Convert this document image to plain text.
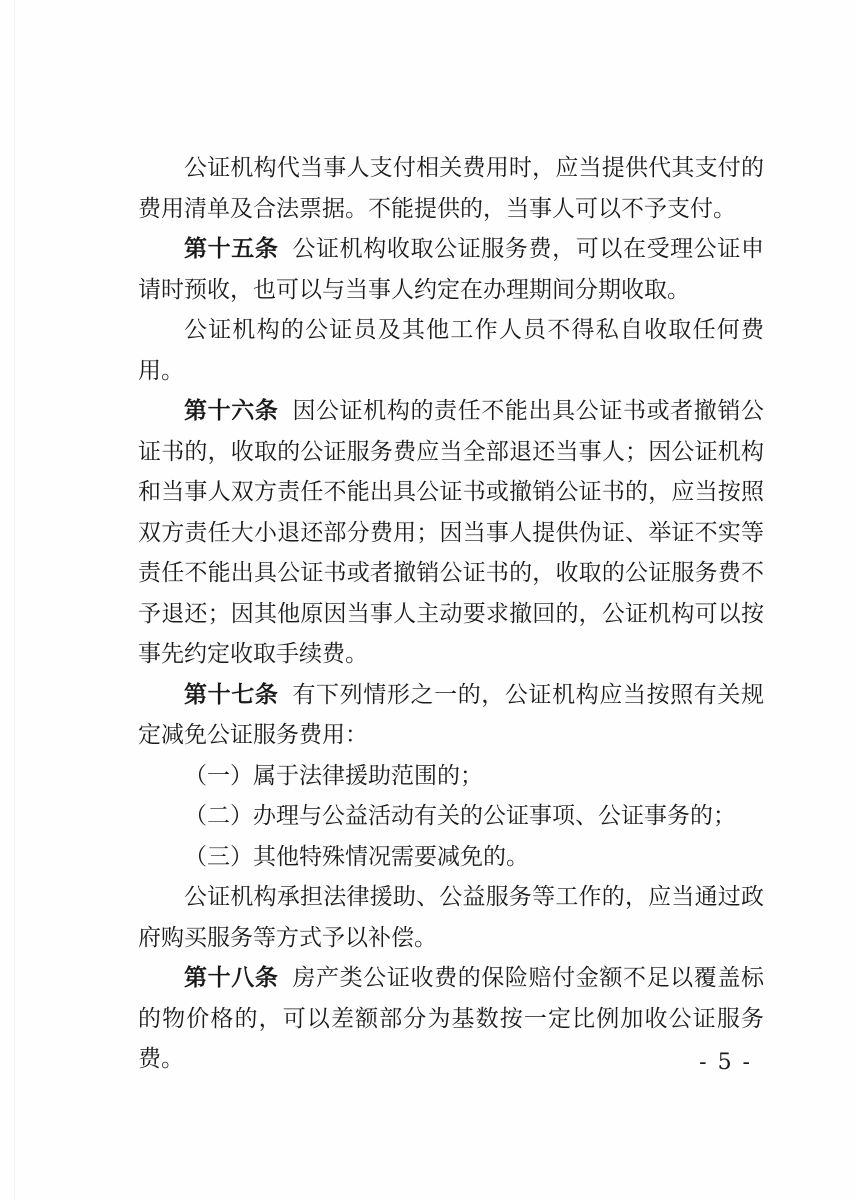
公证机构代当事人支付相关费用时，应当提供代其支付的费用清单及合法票据。不能提供的，当事人可以不予支付。

第十五条 公证机构收取公证服务费，可以在受理公证申请时预收，也可以与当事人约定在办理期间分期收取。

公证机构的公证员及其他工作人员不得私自收取任何费用。

第十六条 因公证机构的责任不能出具公证书或者撤销公证书的，收取的公证服务费应当全部退还当事人；因公证机构和当事人双方责任不能出具公证书或撤销公证书的，应当按照双方责任大小退还部分费用；因当事人提供伪证、举证不实等责任不能出具公证书或者撤销公证书的，收取的公证服务费不予退还；因其他原因当事人主动要求撤回的，公证机构可以按事先约定收取手续费。

第十七条 有下列情形之一的，公证机构应当按照有关规定减免公证服务费用：

（一）属于法律援助范围的；

（二）办理与公益活动有关的公证事项、公证事务的；

（三）其他特殊情况需要减免的。

公证机构承担法律援助、公益服务等工作的，应当通过政府购买服务等方式予以补偿。

第十八条 房产类公证收费的保险赔付金额不足以覆盖标的物价格的，可以差额部分为基数按一定比例加收公证服务费。	- 5 -
